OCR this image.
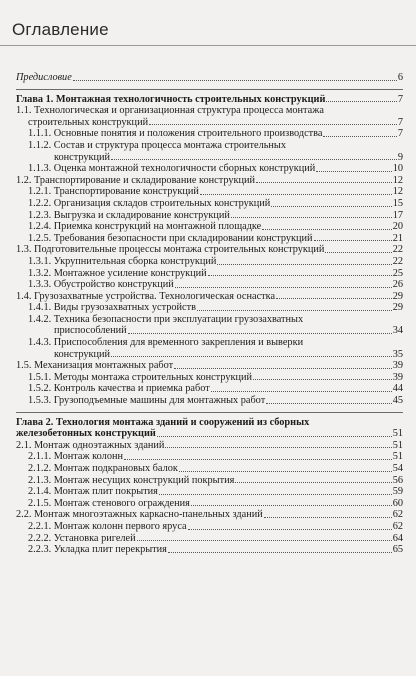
Оглавление
Предисловие	6
Глава 1. Монтажная технологичность строительных конструкций	7
1.1. Технологическая и организационная структура процесса монтажа
строительных конструкций	7
1.1.1. Основные понятия и положения строительного производства	7
1.1.2. Состав и структура процесса монтажа строительных
конструкций	9
1.1.3. Оценка монтажной технологичности сборных конструкций	10
1.2. Транспортирование и складирование конструкций	12
1.2.1. Транспортирование конструкций	12
1.2.2. Организация складов строительных конструкций	15
1.2.3. Выгрузка и складирование конструкций	17
1.2.4. Приемка конструкций на монтажной площадке	20
1.2.5. Требования безопасности при складировании конструкций	21
1.3. Подготовительные процессы монтажа строительных конструкций	22
1.3.1. Укрупнительная сборка конструкций	22
1.3.2. Монтажное усиление конструкций	25
1.3.3. Обустройство конструкций	26
1.4. Грузозахватные устройства. Технологическая оснастка	29
1.4.1. Виды грузозахватных устройств	29
1.4.2. Техника безопасности при эксплуатации грузозахватных
приспособлений	34
1.4.3. Приспособления для временного закрепления и выверки
конструкций	35
1.5. Механизация монтажных работ	39
1.5.1. Методы монтажа строительных конструкций	39
1.5.2. Контроль качества и приемка работ	44
1.5.3. Грузоподъемные машины для монтажных работ	45
Глава 2. Технология монтажа зданий и сооружений из сборных
железобетонных конструкций	51
2.1. Монтаж одноэтажных зданий	51
2.1.1. Монтаж колонн	51
2.1.2. Монтаж подкрановых балок	54
2.1.3. Монтаж несущих конструкций покрытия	56
2.1.4. Монтаж плит покрытия	59
2.1.5. Монтаж стенового ограждения	60
2.2. Монтаж многоэтажных каркасно-панельных зданий	62
2.2.1. Монтаж колонн первого яруса	62
2.2.2. Установка ригелей	64
2.2.3. Укладка плит перекрытия	65
